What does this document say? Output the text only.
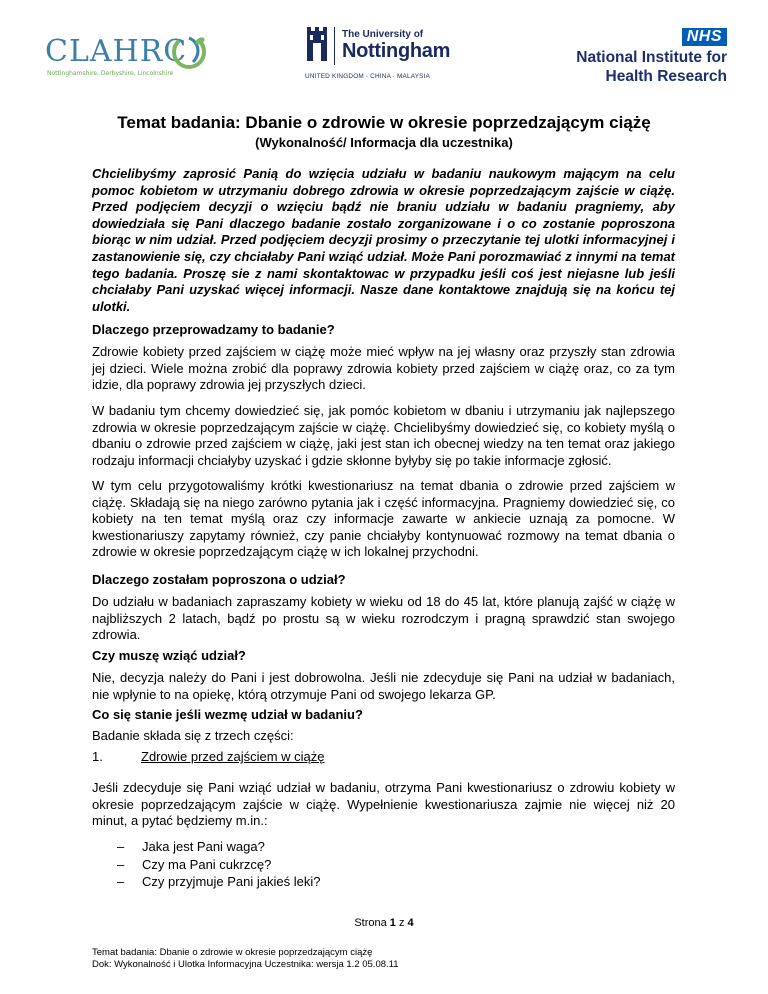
CLAHRC
Nottinghamshire, Derbyshire, Lincolnshire
The University of
Nottingham
UNITED KINGDOM · CHINA · MALAYSIA
NHS
National Institute for
Health Research
Temat badania: Dbanie o zdrowie w okresie poprzedzającym ciążę
(Wykonalność/ Informacja dla uczestnika)

Chcielibyśmy zaprosić Panią do wzięcia udziału w badaniu naukowym mającym na celu pomoc kobietom w utrzymaniu dobrego zdrowia w okresie poprzedzającym zajście w ciążę. Przed podjęciem decyzji o wzięciu bądź nie braniu udziału w badaniu pragniemy, aby dowiedziała się Pani dlaczego badanie zostało zorganizowane i o co zostanie poproszona biorąc w nim udział. Przed podjęciem decyzji prosimy o przeczytanie tej ulotki informacyjnej i zastanowienie się, czy chciałaby Pani wziąć udział. Może Pani porozmawiać z innymi na temat tego badania. Proszę sie z nami skontaktowac w przypadku jeśli coś jest niejasne lub jeśli chciałaby Pani uzyskać więcej informacji. Nasze dane kontaktowe znajdują się na końcu tej ulotki.

Dlaczego przeprowadzamy to badanie?

Zdrowie kobiety przed zajściem w ciążę może mieć wpływ na jej własny oraz przyszły stan zdrowia jej dzieci. Wiele można zrobić dla poprawy zdrowia kobiety przed zajściem w ciążę oraz, co za tym idzie, dla poprawy zdrowia jej przyszłych dzieci.

W badaniu tym chcemy dowiedzieć się, jak pomóc kobietom w dbaniu i utrzymaniu jak najlepszego zdrowia w okresie poprzedzającym zajście w ciążę. Chcielibyśmy dowiedzieć się, co kobiety myślą o dbaniu o zdrowie przed zajściem w ciążę, jaki jest stan ich obecnej wiedzy na ten temat oraz jakiego rodzaju informacji chciałyby uzyskać i gdzie skłonne byłyby się po takie informacje zgłosić.

W tym celu przygotowaliśmy krótki kwestionariusz na temat dbania o zdrowie przed zajściem w ciążę. Składają się na niego zarówno pytania jak i część informacyjna. Pragniemy dowiedzieć się, co kobiety na ten temat myślą oraz czy informacje zawarte w ankiecie uznają za pomocne. W kwestionariuszy zapytamy również, czy panie chciałyby kontynuować rozmowy na temat dbania o zdrowie w okresie poprzedzającym ciążę w ich lokalnej przychodni.

Dlaczego zostałam poproszona o udział?

Do udziału w badaniach zapraszamy kobiety w wieku od 18 do 45 lat, które planują zajść w ciążę w najbliższych 2 latach, bądź po prostu są w wieku rozrodczym i pragną sprawdzić stan swojego zdrowia.

Czy muszę wziąć udział?

Nie, decyzja należy do Pani i jest dobrowolna. Jeśli nie zdecyduje się Pani na udział w badaniach, nie wpłynie to na opiekę, którą otrzymuje Pani od swojego lekarza GP.

Co się stanie jeśli wezmę udział w badaniu?

Badanie składa się z trzech części:

1.	Zdrowie przed zajściem w ciążę

Jeśli zdecyduje się Pani wziąć udział w badaniu, otrzyma Pani kwestionariusz o zdrowiu kobiety w okresie poprzedzającym zajście w ciążę. Wypełnienie kwestionariusza zajmie nie więcej niż 20 minut, a pytać będziemy m.in.:

– Jaka jest Pani waga?
– Czy ma Pani cukrzcę?
– Czy przyjmuje Pani jakieś leki?
Strona 1 z 4
Temat badania: Dbanie o zdrowie w okresie poprzedzającym ciążę
Dok: Wykonalność i Ulotka Informacyjna Uczestnika: wersja 1.2 05.08.11
